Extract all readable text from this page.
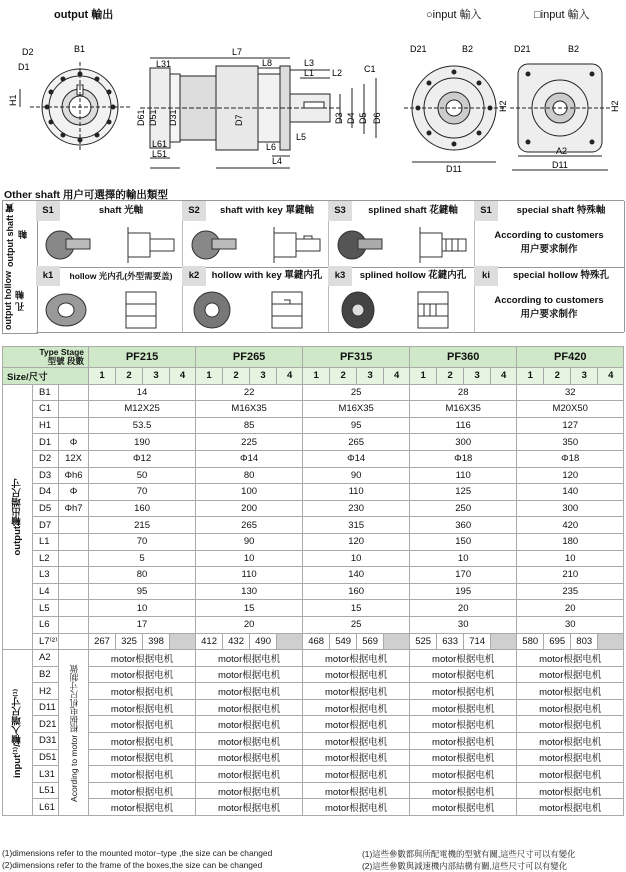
output 輸出	○input 輸入	□input 輸入
D2	B1
D1
H1
L7
L31	L8	L3
L1 L2 C1
D61 D51 D31	D7	D3 D4 D5 D6
L61
L51
L5
L6
L4
D21	B2
H2
D11
D21	B2
H2
A2
D11
Other shaft 用户可選擇的輸出類型
output shaft 實 軸
output hollow 孔 軸
S1	shaft 光軸	S2	shaft with key 單鍵軸	S3	splined shaft 花鍵軸	S1	special shaft 特殊軸
According to customers
用户要求制作
k1	hollow 光内孔(外型需要盖)	k2	hollow with key 單鍵内孔	k3	splined hollow 花鍵内孔	ki	special hollow 特殊孔
According to customers
用户要求制作
Type Stage
型號 段數			PF215				PF265				PF315				PF360				PF420			
Size/尺寸			1	2	3	4	1	2	3	4	1	2	3	4	1	2	3	4	1	2	3	4
output輸出端尺寸	B1		14				22				25				28				32			
	C1		M12X25				M16X35				M16X35				M16X35				M20X50			
	H1		53.5				85				95				116				127			
	D1	Φ	190				225				265				300				350			
	D2	12X	Φ12				Φ14				Φ14				Φ18				Φ18			
	D3	Φh6	50				80				90				110				120			
	D4	Φ	70				100				110				125				140			
	D5	Φh7	160				200				230				250				300			
	D7		215				265				315				360				420			
	L1		70				90				120				150				180			
	L2		5				10				10				10				10			
	L3		80				110				140				170				210			
	L4		95				130				160				195				235			
	L5		10				15				15				20				20			
	L6		17				20				25				30				30			
	L7⁽²⁾		267	325	398		412	432	490		468	549	569		525	633	714		580	695	803	
input⁽¹⁾/輸入端尺寸⁽¹⁾	A2	Acording to motor 根据电机尺寸制做	motor根据电机				motor根据电机				motor根据电机				motor根据电机				motor根据电机			
	B2		motor根据电机				motor根据电机				motor根据电机				motor根据电机				motor根据电机			
	H2		motor根据电机				motor根据电机				motor根据电机				motor根据电机				motor根据电机			
	D11		motor根据电机				motor根据电机				motor根据电机				motor根据电机				motor根据电机			
	D21		motor根据电机				motor根据电机				motor根据电机				motor根据电机				motor根据电机			
	D31		motor根据电机				motor根据电机				motor根据电机				motor根据电机				motor根据电机			
	D51		motor根据电机				motor根据电机				motor根据电机				motor根据电机				motor根据电机			
	L31		motor根据电机				motor根据电机				motor根据电机				motor根据电机				motor根据电机			
	L51		motor根据电机				motor根据电机				motor根据电机				motor根据电机				motor根据电机			
	L61		motor根据电机				motor根据电机				motor根据电机				motor根据电机				motor根据电机			
(1)dimensions refer to the mounted motor−type ,the size can be changed
(2)dimensions refer to the frame of the boxes,the size can be changed
(1)這些參數都與所配電機的型號有關,這些尺寸可以有變化
(2)這些參數與減速機内部結構有關,這些尺寸可以有變化
